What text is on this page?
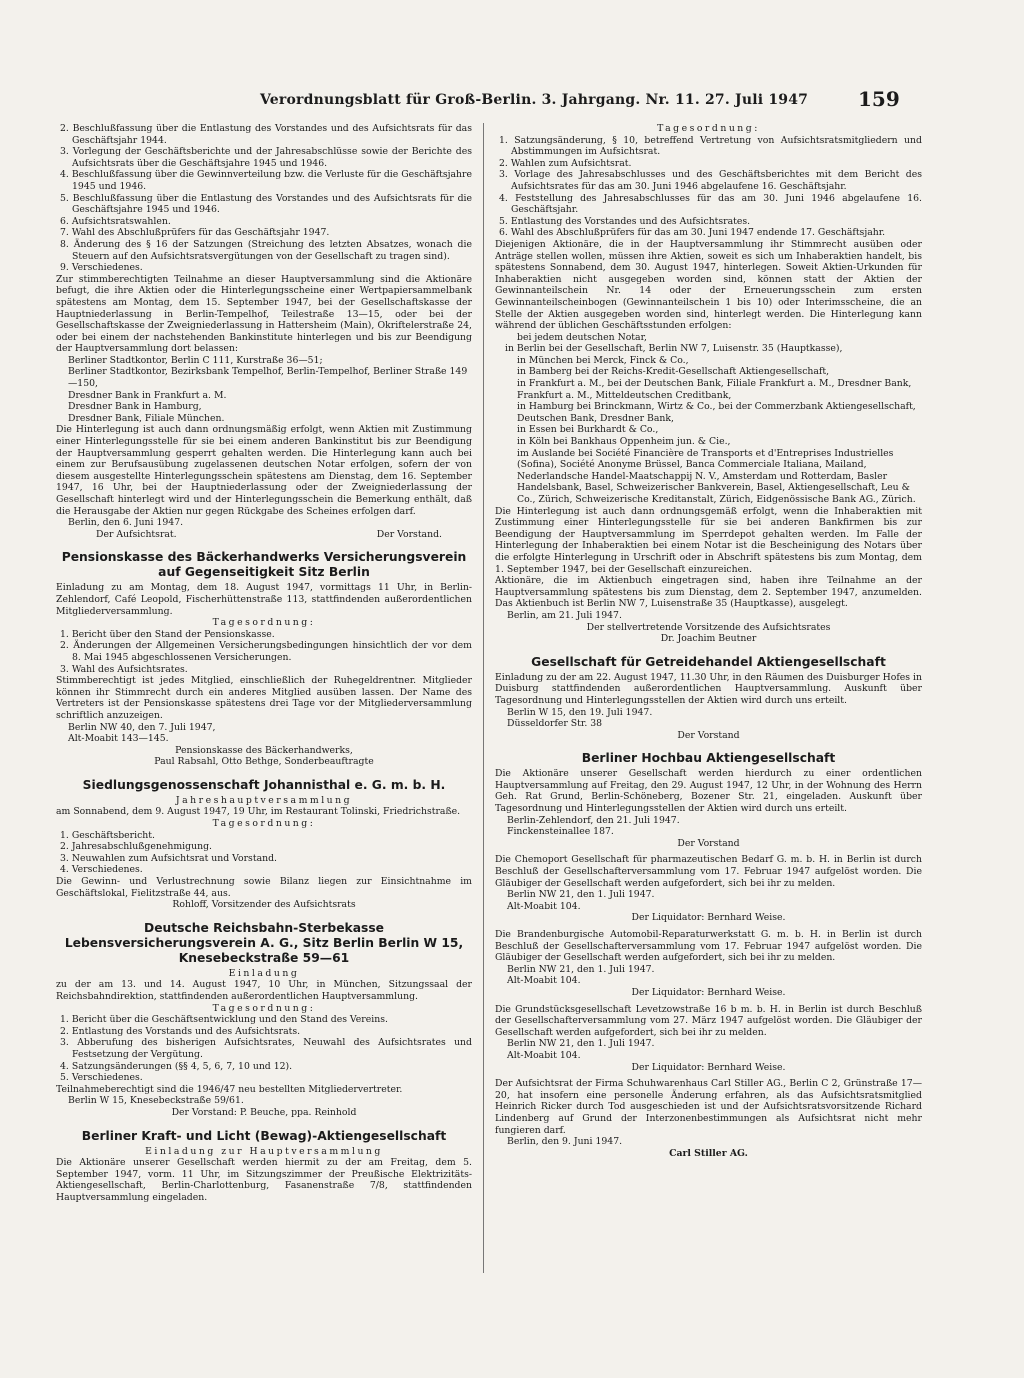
Verordnungsblatt für Groß-Berlin. 3. Jahrgang. Nr. 11. 27. Juli 1947	159

2. Beschlußfassung über die Entlastung des Vorstandes und des Aufsichtsrats für das Geschäftsjahr 1944.

3. Vorlegung der Geschäftsberichte und der Jahresabschlüsse sowie der Berichte des Aufsichtsrats über die Geschäftsjahre 1945 und 1946.

4. Beschlußfassung über die Gewinnverteilung bzw. die Verluste für die Geschäftsjahre 1945 und 1946.

5. Beschlußfassung über die Entlastung des Vorstandes und des Aufsichtsrats für die Geschäftsjahre 1945 und 1946.

6. Aufsichtsratswahlen.

7. Wahl des Abschlußprüfers für das Geschäftsjahr 1947.

8. Änderung des § 16 der Satzungen (Streichung des letzten Absatzes, wonach die Steuern auf den Aufsichtsratsvergütungen von der Gesellschaft zu tragen sind).

9. Verschiedenes.

Zur stimmberechtigten Teilnahme an dieser Hauptversammlung sind die Aktionäre befugt, die ihre Aktien oder die Hinterlegungsscheine einer Wertpapiersammelbank spätestens am Montag, dem 15. September 1947, bei der Gesellschaftskasse der Hauptniederlassung in Berlin-Tempelhof, Teilestraße 13—15, oder bei der Gesellschaftskasse der Zweigniederlassung in Hattersheim (Main), Okriftelerstraße 24, oder bei einem der nachstehenden Bankinstitute hinterlegen und bis zur Beendigung der Hauptversammlung dort belassen:

Berliner Stadtkontor, Berlin C 111, Kurstraße 36—51;

Berliner Stadtkontor, Bezirksbank Tempelhof, Berlin-Tempelhof, Berliner Straße 149—150,

Dresdner Bank in Frankfurt a. M.

Dresdner Bank in Hamburg,

Dresdner Bank, Filiale München.

Die Hinterlegung ist auch dann ordnungsmäßig erfolgt, wenn Aktien mit Zustimmung einer Hinterlegungsstelle für sie bei einem anderen Bankinstitut bis zur Beendigung der Hauptversammlung gesperrt gehalten werden. Die Hinterlegung kann auch bei einem zur Berufsausübung zugelassenen deutschen Notar erfolgen, sofern der von diesem ausgestellte Hinterlegungsschein spätestens am Dienstag, dem 16. September 1947, 16 Uhr, bei der Hauptniederlassung oder der Zweigniederlassung der Gesellschaft hinterlegt wird und der Hinterlegungsschein die Bemerkung enthält, daß die Herausgabe der Aktien nur gegen Rückgabe des Scheines erfolgen darf.

Berlin, den 6. Juni 1947.

Der Aufsichtsrat.	Der Vorstand.
Pensionskasse des Bäckerhandwerks Versicherungsverein auf Gegenseitigkeit Sitz Berlin

Einladung zu am Montag, dem 18. August 1947, vormittags 11 Uhr, in Berlin-Zehlendorf, Café Leopold, Fischerhüttenstraße 113, stattfindenden außerordentlichen Mitgliederversammlung.

Tagesordnung:

1. Bericht über den Stand der Pensionskasse.

2. Änderungen der Allgemeinen Versicherungsbedingungen hinsichtlich der vor dem 8. Mai 1945 abgeschlossenen Versicherungen.

3. Wahl des Aufsichtsrates.

Stimmberechtigt ist jedes Mitglied, einschließlich der Ruhegeldrentner. Mitglieder können ihr Stimmrecht durch ein anderes Mitglied ausüben lassen. Der Name des Vertreters ist der Pensionskasse spätestens drei Tage vor der Mitgliederversammlung schriftlich anzuzeigen.

Berlin NW 40, den 7. Juli 1947,

Alt-Moabit 143—145.

Pensionskasse des Bäckerhandwerks,

Paul Rabsahl, Otto Bethge, Sonderbeauftragte

Siedlungsgenossenschaft Johannisthal e. G. m. b. H.

Jahreshauptversammlung

am Sonnabend, dem 9. August 1947, 19 Uhr, im Restaurant Tolinski, Friedrichstraße.

Tagesordnung:

1. Geschäftsbericht.

2. Jahresabschlußgenehmigung.

3. Neuwahlen zum Aufsichtsrat und Vorstand.

4. Verschiedenes.

Die Gewinn- und Verlustrechnung sowie Bilanz liegen zur Einsichtnahme im Geschäftslokal, Fielitzstraße 44, aus.

Rohloff, Vorsitzender des Aufsichtsrats

Deutsche Reichsbahn-Sterbekasse Lebensversicherungsverein A. G., Sitz Berlin Berlin W 15, Knesebeckstraße 59—61

Einladung

zu der am 13. und 14. August 1947, 10 Uhr, in München, Sitzungssaal der Reichsbahndirektion, stattfindenden außerordentlichen Hauptversammlung.

Tagesordnung:

1. Bericht über die Geschäftsentwicklung und den Stand des Vereins.

2. Entlastung des Vorstands und des Aufsichtsrats.

3. Abberufung des bisherigen Aufsichtsrates, Neuwahl des Aufsichtsrates und Festsetzung der Vergütung.

4. Satzungsänderungen (§§ 4, 5, 6, 7, 10 und 12).

5. Verschiedenes.

Teilnahmeberechtigt sind die 1946/47 neu bestellten Mitgliedervertreter.

Berlin W 15, Knesebeckstraße 59/61.

Der Vorstand: P. Beuche, ppa. Reinhold

Berliner Kraft- und Licht (Bewag)-Aktiengesellschaft

Einladung zur Hauptversammlung

Die Aktionäre unserer Gesellschaft werden hiermit zu der am Freitag, dem 5. September 1947, vorm. 11 Uhr, im Sitzungszimmer der Preußische Elektrizitäts-Aktiengesellschaft, Berlin-Charlottenburg, Fasanenstraße 7/8, stattfindenden Hauptversammlung eingeladen.

Tagesordnung:

1. Satzungsänderung, § 10, betreffend Vertretung von Aufsichtsratsmitgliedern und Abstimmungen im Aufsichtsrat.

2. Wahlen zum Aufsichtsrat.

3. Vorlage des Jahresabschlusses und des Geschäftsberichtes mit dem Bericht des Aufsichtsrates für das am 30. Juni 1946 abgelaufene 16. Geschäftsjahr.

4. Feststellung des Jahresabschlusses für das am 30. Juni 1946 abgelaufene 16. Geschäftsjahr.

5. Entlastung des Vorstandes und des Aufsichtsrates.

6. Wahl des Abschlußprüfers für das am 30. Juni 1947 endende 17. Geschäftsjahr.

Diejenigen Aktionäre, die in der Hauptversammlung ihr Stimmrecht ausüben oder Anträge stellen wollen, müssen ihre Aktien, soweit es sich um Inhaberaktien handelt, bis spätestens Sonnabend, dem 30. August 1947, hinterlegen. Soweit Aktien-Urkunden für Inhaberaktien nicht ausgegeben worden sind, können statt der Aktien der Gewinnanteilschein Nr. 14 oder der Erneuerungsschein zum ersten Gewinnanteilscheinbogen (Gewinnanteilschein 1 bis 10) oder Interimsscheine, die an Stelle der Aktien ausgegeben worden sind, hinterlegt werden. Die Hinterlegung kann während der üblichen Geschäftsstunden erfolgen:

bei jedem deutschen Notar,

in Berlin bei der Gesellschaft, Berlin NW 7, Luisenstr. 35 (Hauptkasse),

in München bei Merck, Finck & Co.,

in Bamberg bei der Reichs-Kredit-Gesellschaft Aktiengesellschaft,

in Frankfurt a. M., bei der Deutschen Bank, Filiale Frankfurt a. M., Dresdner Bank, Frankfurt a. M., Mitteldeutschen Creditbank,

in Hamburg bei Brinckmann, Wirtz & Co., bei der Commerzbank Aktiengesellschaft, Deutschen Bank, Dresdner Bank,

in Essen bei Burkhardt & Co.,

in Köln bei Bankhaus Oppenheim jun. & Cie.,

im Auslande bei Société Financière de Transports et d'Entreprises Industrielles (Sofina), Société Anonyme Brüssel, Banca Commerciale Italiana, Mailand, Nederlandsche Handel-Maatschappij N. V., Amsterdam und Rotterdam, Basler Handelsbank, Basel, Schweizerischer Bankverein, Basel, Aktiengesellschaft, Leu & Co., Zürich, Schweizerische Kreditanstalt, Zürich, Eidgenössische Bank AG., Zürich.

Die Hinterlegung ist auch dann ordnungsgemäß erfolgt, wenn die Inhaberaktien mit Zustimmung einer Hinterlegungsstelle für sie bei anderen Bankfirmen bis zur Beendigung der Hauptversammlung im Sperrdepot gehalten werden. Im Falle der Hinterlegung der Inhaberaktien bei einem Notar ist die Bescheinigung des Notars über die erfolgte Hinterlegung in Urschrift oder in Abschrift spätestens bis zum Montag, dem 1. September 1947, bei der Gesellschaft einzureichen.

Aktionäre, die im Aktienbuch eingetragen sind, haben ihre Teilnahme an der Hauptversammlung spätestens bis zum Dienstag, dem 2. September 1947, anzumelden. Das Aktienbuch ist Berlin NW 7, Luisenstraße 35 (Hauptkasse), ausgelegt.

Berlin, am 21. Juli 1947.

Der stellvertretende Vorsitzende des Aufsichtsrates

Dr. Joachim Beutner

Gesellschaft für Getreidehandel Aktiengesellschaft

Einladung zu der am 22. August 1947, 11.30 Uhr, in den Räumen des Duisburger Hofes in Duisburg stattfindenden außerordentlichen Hauptversammlung. Auskunft über Tagesordnung und Hinterlegungsstellen der Aktien wird durch uns erteilt.

Berlin W 15, den 19. Juli 1947.

Düsseldorfer Str. 38

Der Vorstand

Berliner Hochbau Aktiengesellschaft

Die Aktionäre unserer Gesellschaft werden hierdurch zu einer ordentlichen Hauptversammlung auf Freitag, den 29. August 1947, 12 Uhr, in der Wohnung des Herrn Geh. Rat Grund, Berlin-Schöneberg, Bozener Str. 21, eingeladen. Auskunft über Tagesordnung und Hinterlegungsstellen der Aktien wird durch uns erteilt.

Berlin-Zehlendorf, den 21. Juli 1947.

Finckensteinallee 187.

Der Vorstand

Die Chemoport Gesellschaft für pharmazeutischen Bedarf G. m. b. H. in Berlin ist durch Beschluß der Gesellschafterversammlung vom 17. Februar 1947 aufgelöst worden. Die Gläubiger der Gesellschaft werden aufgefordert, sich bei ihr zu melden.

Berlin NW 21, den 1. Juli 1947.

Alt-Moabit 104.

Der Liquidator: Bernhard Weise.

Die Brandenburgische Automobil-Reparaturwerkstatt G. m. b. H. in Berlin ist durch Beschluß der Gesellschafterversammlung vom 17. Februar 1947 aufgelöst worden. Die Gläubiger der Gesellschaft werden aufgefordert, sich bei ihr zu melden.

Berlin NW 21, den 1. Juli 1947.

Alt-Moabit 104.

Der Liquidator: Bernhard Weise.

Die Grundstücksgesellschaft Levetzowstraße 16 b m. b. H. in Berlin ist durch Beschluß der Gesellschafterversammlung vom 27. März 1947 aufgelöst worden. Die Gläubiger der Gesellschaft werden aufgefordert, sich bei ihr zu melden.

Berlin NW 21, den 1. Juli 1947.

Alt-Moabit 104.

Der Liquidator: Bernhard Weise.

Der Aufsichtsrat der Firma Schuhwarenhaus Carl Stiller AG., Berlin C 2, Grünstraße 17—20, hat insofern eine personelle Änderung erfahren, als das Aufsichtsratsmitglied Heinrich Ricker durch Tod ausgeschieden ist und der Aufsichtsratsvorsitzende Richard Lindenberg auf Grund der Interzonenbestimmungen als Aufsichtsrat nicht mehr fungieren darf.

Berlin, den 9. Juni 1947.

Carl Stiller AG.
